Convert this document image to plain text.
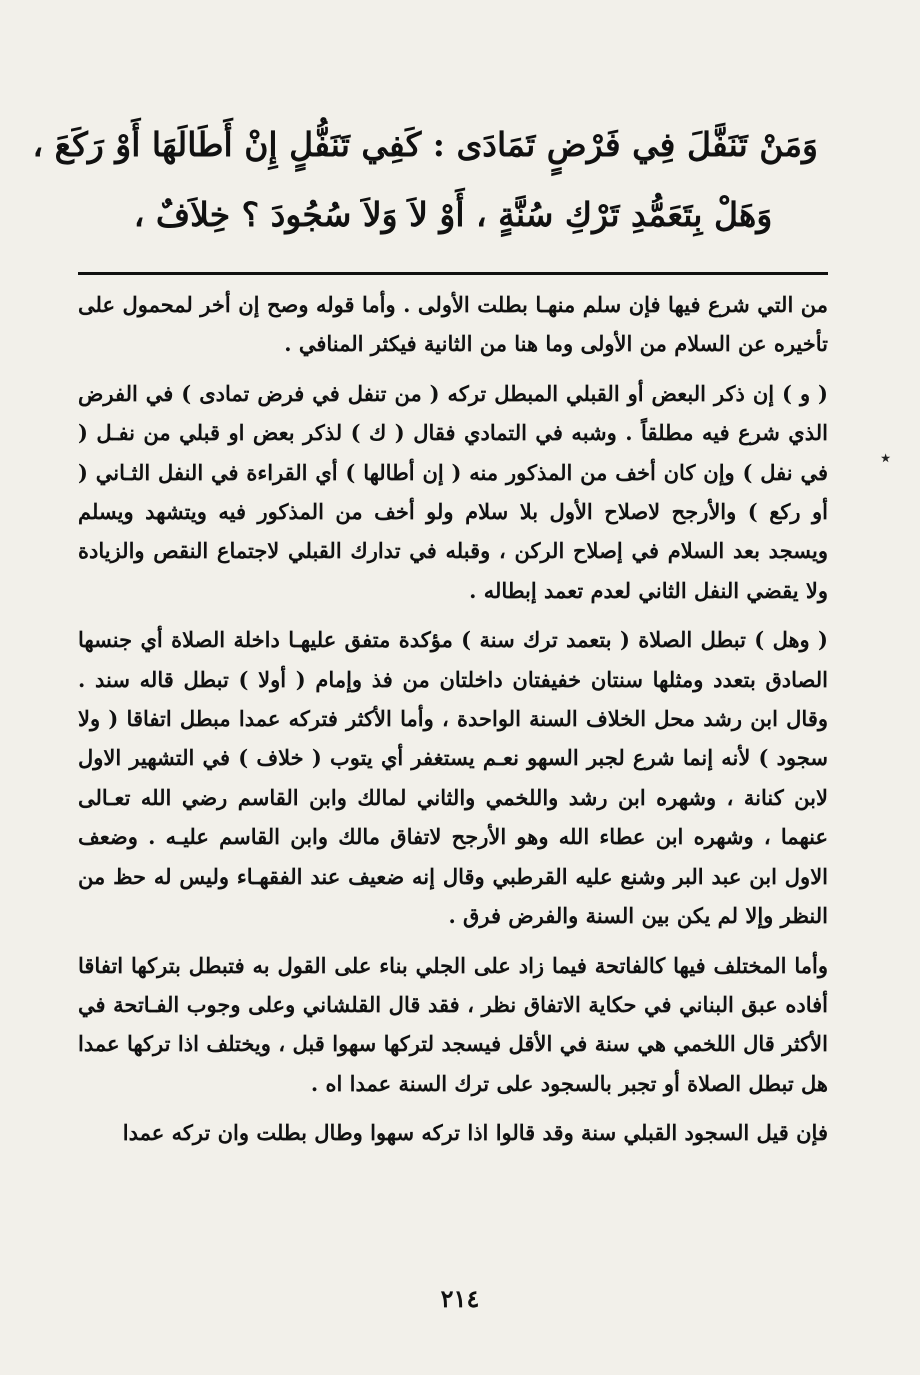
٭
وَمَنْ تَنَفَّلَ فِي فَرْضٍ تَمَادَى : كَفِي تَنَفُّلٍ إِنْ أَطَالَهَا أَوْ رَكَعَ ،
وَهَلْ بِتَعَمُّدِ تَرْكِ سُنَّةٍ ، أَوْ لاَ وَلاَ سُجُودَ ؟ خِلاَفٌ ،

من التي شرع فيها فإن سلم منهـا بطلت الأولى . وأما قوله وصح إن أخر لمحمول على تأخيره عن السلام من الأولى وما هنا من الثانية فيكثر المنافي .

( و ) إن ذكر البعض أو القبلي المبطل تركه ( من تنفل في فرض تمادى ) في الفرض الذي شرع فيه مطلقاً . وشبه في التمادي فقال ( ك ) لذكر بعض او قبلي من نفـل ( في نفل ) وإن كان أخف من المذكور منه ( إن أطالها ) أي القراءة في النفل الثـاني ( أو ركع ) والأرجح لاصلاح الأول بلا سلام ولو أخف من المذكور فيه ويتشهد ويسلم ويسجد بعد السلام في إصلاح الركن ، وقبله في تدارك القبلي لاجتماع النقص والزيادة ولا يقضي النفل الثاني لعدم تعمد إبطاله .

( وهل ) تبطل الصلاة ( بتعمد ترك سنة ) مؤكدة متفق عليهـا داخلة الصلاة أي جنسها الصادق بتعدد ومثلها سنتان خفيفتان داخلتان من فذ وإمام ( أولا ) تبطل قاله سند . وقال ابن رشد محل الخلاف السنة الواحدة ، وأما الأكثر فتركه عمدا مبطل اتفاقا ( ولا سجود ) لأنه إنما شرع لجبر السهو نعـم يستغفر أي يتوب ( خلاف ) في التشهير الاول لابن كنانة ، وشهره ابن رشد واللخمي والثاني لمالك وابن القاسم رضي الله تعـالى عنهما ، وشهره ابن عطاء الله وهو الأرجح لاتفاق مالك وابن القاسم عليـه . وضعف الاول ابن عبد البر وشنع عليه القرطبي وقال إنه ضعيف عند الفقهـاء وليس له حظ من النظر وإلا لم يكن بين السنة والفرض فرق .

وأما المختلف فيها كالفاتحة فيما زاد على الجلي بناء على القول به فتبطل بتركها اتفاقا أفاده عبق البناني في حكاية الاتفاق نظر ، فقد قال القلشاني وعلى وجوب الفـاتحة في الأكثر قال اللخمي هي سنة في الأقل فيسجد لتركها سهوا قبل ، ويختلف اذا تركها عمدا هل تبطل الصلاة أو تجبر بالسجود على ترك السنة عمدا اه .

فإن قيل السجود القبلي سنة وقد قالوا اذا تركه سهوا وطال بطلت وان تركه عمدا

٢١٤
